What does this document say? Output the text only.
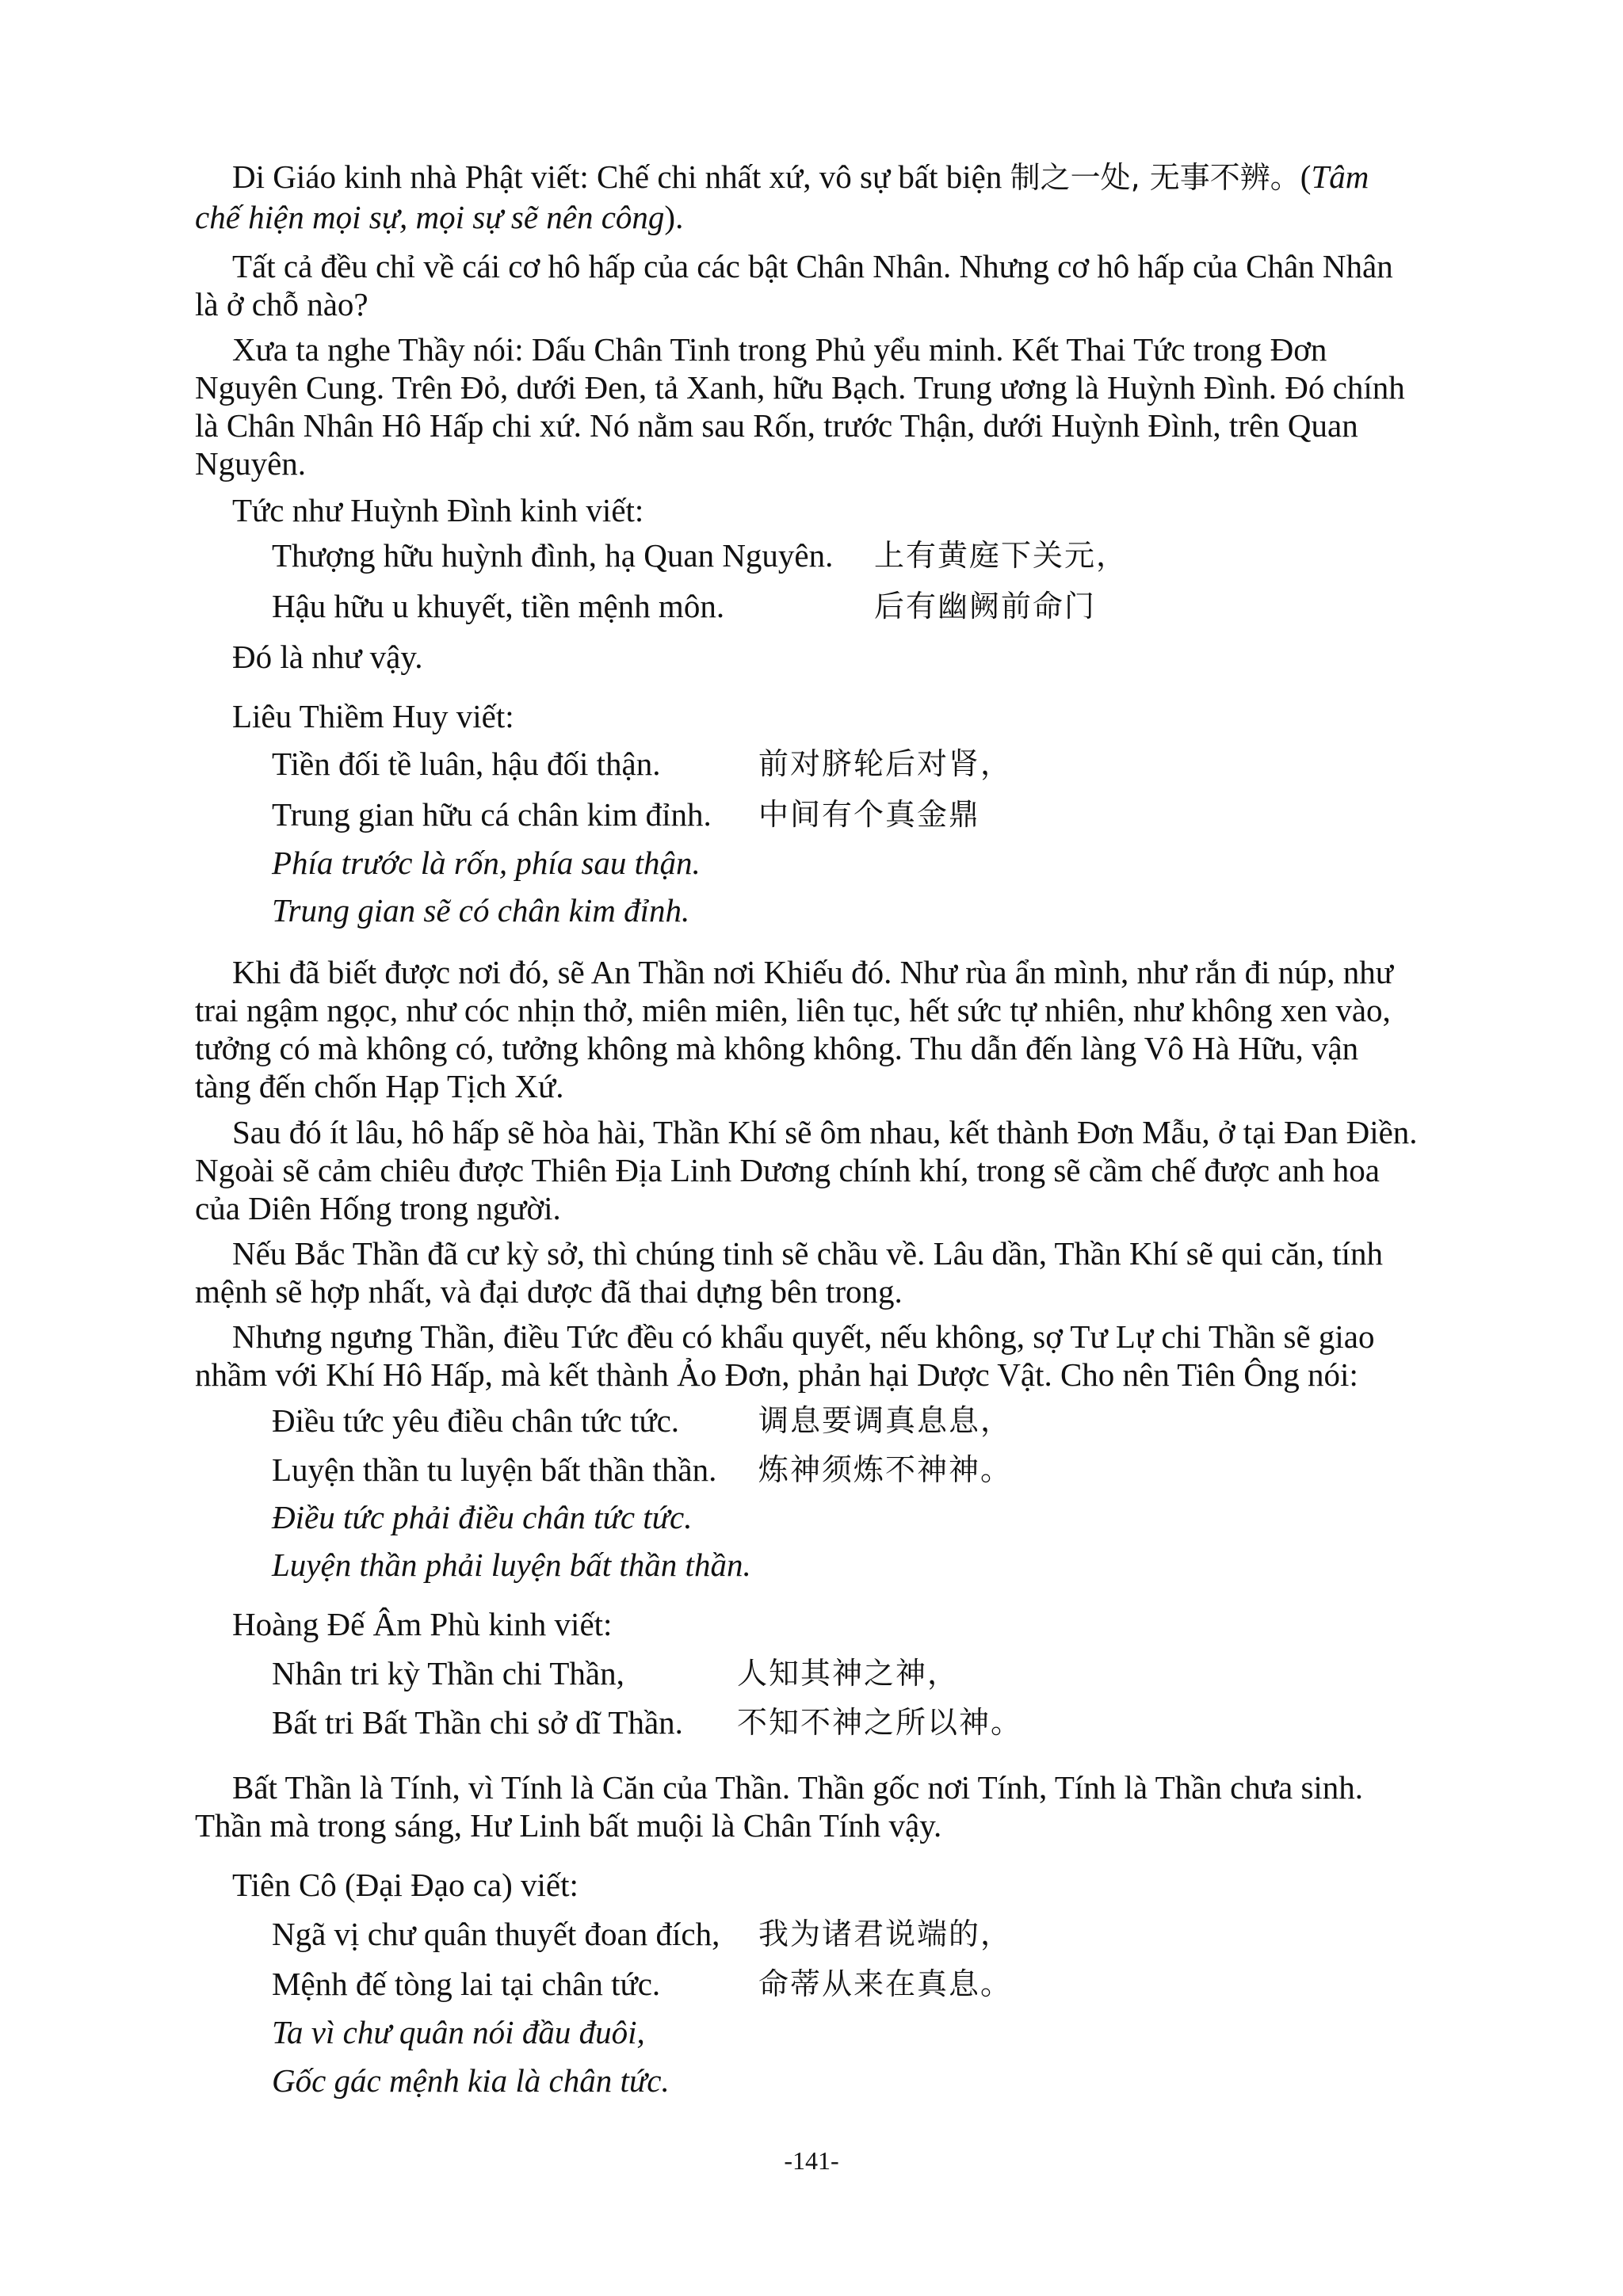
Di Giáo kinh nhà Phật viết: Chế chi nhất xứ, vô sự bất biện 制之一处, 无事不辨。(Tâm
chế hiện mọi sự, mọi sự sẽ nên công).
Tất cả đều chỉ về cái cơ hô hấp của các bật Chân Nhân. Nhưng cơ hô hấp của Chân Nhân
là ở chỗ nào?
Xưa ta nghe Thầy nói: Dấu Chân Tinh trong Phủ yểu minh. Kết Thai Tức trong Đơn
Nguyên Cung. Trên Đỏ, dưới Đen, tả Xanh, hữu Bạch. Trung ương là Huỳnh Đình. Đó chính
là Chân Nhân Hô Hấp chi xứ. Nó nằm sau Rốn, trước Thận, dưới Huỳnh Đình, trên Quan
Nguyên.
Tức như Huỳnh Đình kinh viết:
Thượng hữu huỳnh đình, hạ Quan Nguyên. 上有黄庭下关元，
Hậu hữu u khuyết, tiền mệnh môn.	后有幽阙前命门
Đó là như vậy.
Liêu Thiềm Huy viết:
Tiền đối tề luân, hậu đối thận.	前对脐轮后对肾，
Trung gian hữu cá chân kim đỉnh. 中间有个真金鼎
Phía trước là rốn, phía sau thận.
Trung gian sẽ có chân kim đỉnh.
Khi đã biết được nơi đó, sẽ An Thần nơi Khiếu đó. Như rùa ẩn mình, như rắn đi núp, như
trai ngậm ngọc, như cóc nhịn thở, miên miên, liên tục, hết sức tự nhiên, như không xen vào,
tưởng có mà không có, tưởng không mà không không. Thu dẫn đến làng Vô Hà Hữu, vận
tàng đến chốn Hạp Tịch Xứ.
Sau đó ít lâu, hô hấp sẽ hòa hài, Thần Khí sẽ ôm nhau, kết thành Đơn Mẫu, ở tại Đan Điền.
Ngoài sẽ cảm chiêu được Thiên Địa Linh Dương chính khí, trong sẽ cầm chế được anh hoa
của Diên Hống trong người.
Nếu Bắc Thần đã cư kỳ sở, thì chúng tinh sẽ chầu về. Lâu dần, Thần Khí sẽ qui căn, tính
mệnh sẽ hợp nhất, và đại dược đã thai dựng bên trong.
Nhưng ngưng Thần, điều Tức đều có khẩu quyết, nếu không, sợ Tư Lự chi Thần sẽ giao
nhầm với Khí Hô Hấp, mà kết thành Ảo Đơn, phản hại Dược Vật. Cho nên Tiên Ông nói:
Điều tức yêu điều chân tức tức.	调息要调真息息，
Luyện thần tu luyện bất thần thần. 炼神须炼不神神。
Điều tức phải điều chân tức tức.
Luyện thần phải luyện bất thần thần.
Hoàng Đế Âm Phù kinh viết:
Nhân tri kỳ Thần chi Thần,	人知其神之神，
Bất tri Bất Thần chi sở dĩ Thần. 不知不神之所以神。
Bất Thần là Tính, vì Tính là Căn của Thần. Thần gốc nơi Tính, Tính là Thần chưa sinh.
Thần mà trong sáng, Hư Linh bất muội là Chân Tính vậy.
Tiên Cô (Đại Đạo ca) viết:
Ngã vị chư quân thuyết đoan đích, 我为诸君说端的，
Mệnh đế tòng lai tại chân tức.	命蒂从来在真息。
Ta vì chư quân nói đầu đuôi,
Gốc gác mệnh kia là chân tức.
-141-
